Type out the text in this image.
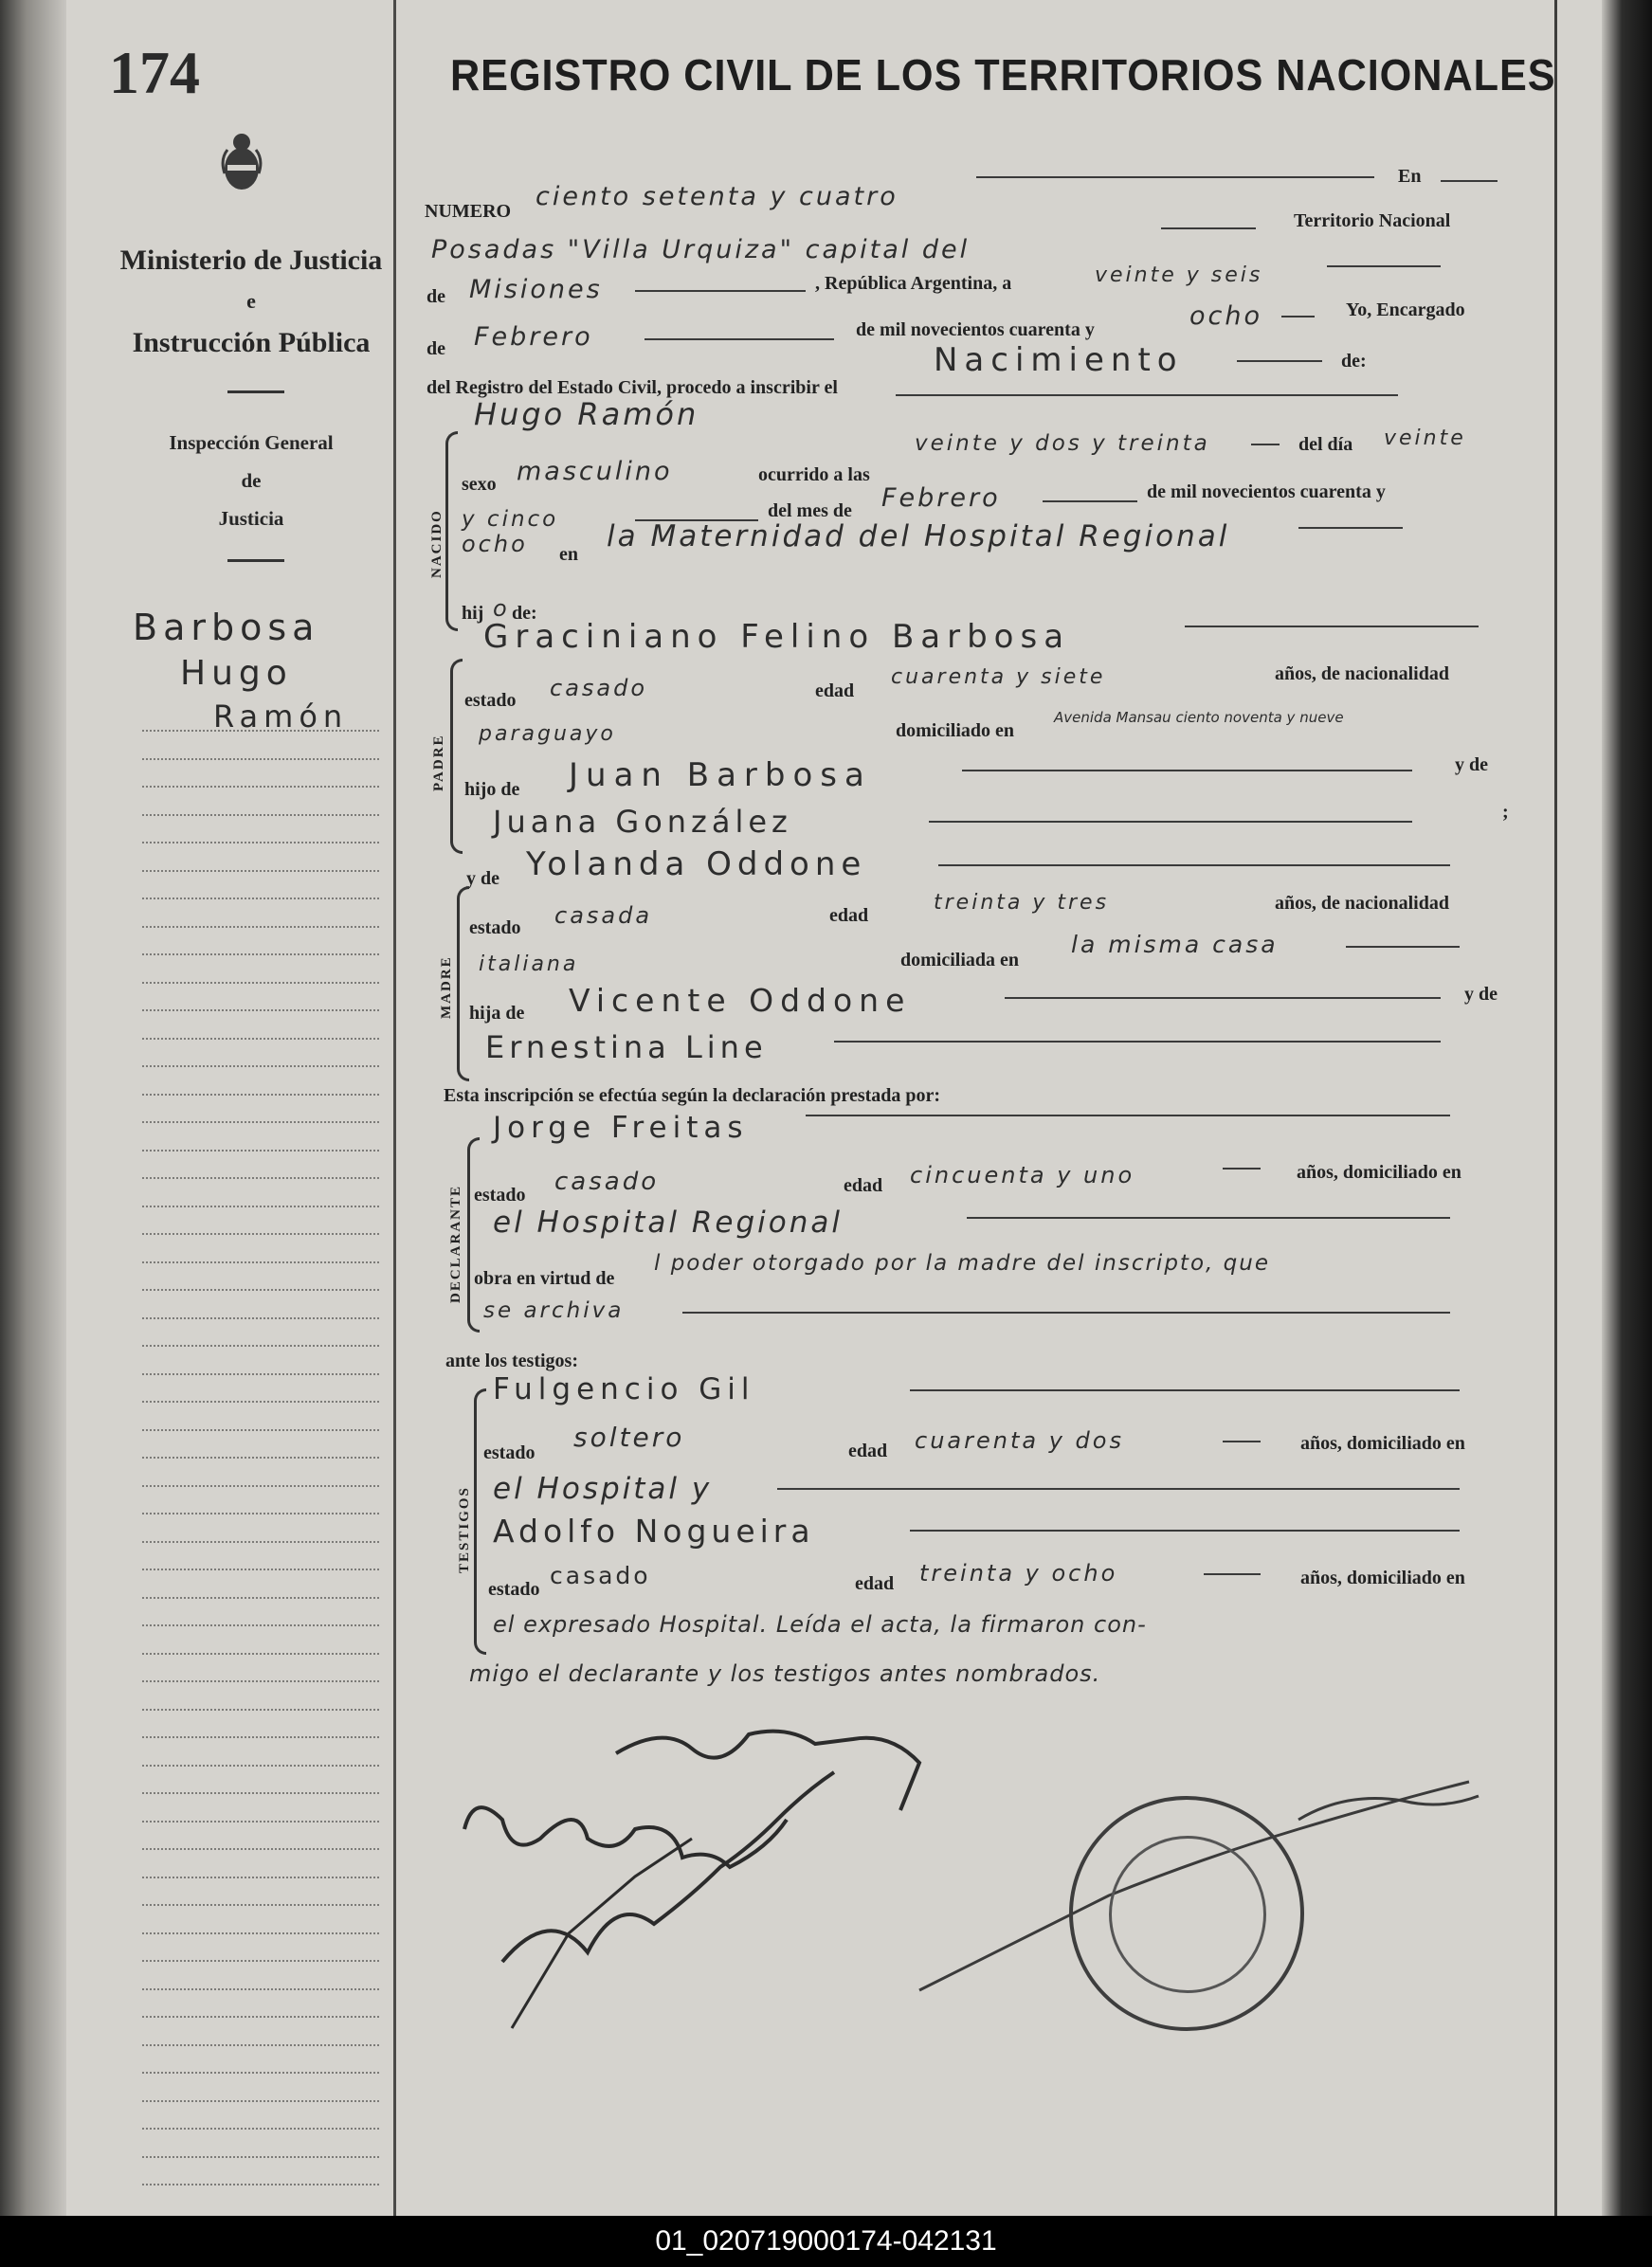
174
Ministerio de Justicia
e
Instrucción Pública
Inspección General
de
Justicia
Barbosa
Hugo
Ramón
REGISTRO CIVIL DE LOS TERRITORIOS NACIONALES
NUMERO ciento setenta y cuatro
En
Posadas "Villa Urquiza" capital del
Territorio Nacional
de Misiones	, República Argentina, a	veinte y seis
de Febrero	de mil novecientos cuarenta y	ocho	Yo, Encargado
del Registro del Estado Civil, procedo a inscribir el
Nacimiento	de:
NACIDO
Hugo Ramón
sexo masculino	ocurrido a las
veinte y dos y treinta	del día veinte
y cinco	del mes de Febrero	de mil novecientos cuarenta y
ocho en
la Maternidad del Hospital Regional
hij o de:
PADRE
Graciniano Felino Barbosa
estado casado	edad
cuarenta y siete	años, de nacionalidad
paraguayo	domiciliado en
Avenida Mansau ciento noventa y nueve
hijo de Juan Barbosa	y de
Juana González	;
y de
MADRE
Yolanda Oddone
estado casada	edad
treinta y tres	años, de nacionalidad
italiana	domiciliada en
la misma casa
hija de Vicente Oddone	y de
Ernestina Line
Esta inscripción se efectúa según la declaración prestada por:
DECLARANTE
Jorge Freitas
estado casado	edad cincuenta y uno	años, domiciliado en
el Hospital Regional
obra en virtud de
l poder otorgado por la madre del inscripto, que
se archiva
ante los testigos:
TESTIGOS
Fulgencio Gil
estado soltero	edad cuarenta y dos	años, domiciliado en
el Hospital y
Adolfo Nogueira
estado casado	edad treinta y ocho	años, domiciliado en
el expresado Hospital. Leída el acta, la firmaron con-
migo el declarante y los testigos antes nombrados.
01_020719000174-042131
